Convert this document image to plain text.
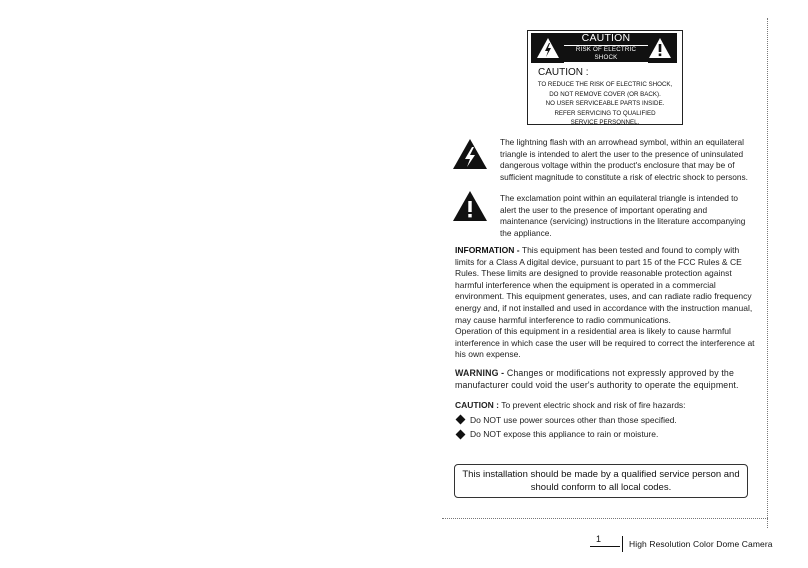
CAUTION
RISK OF ELECTRIC SHOCK
DO NOT OPEN
CAUTION :
TO REDUCE THE RISK OF ELECTRIC SHOCK,
DO NOT REMOVE COVER (OR BACK).
NO USER SERVICEABLE PARTS INSIDE.
REFER SERVICING TO QUALIFIED
SERVICE PERSONNEL.
The lightning flash with an arrowhead symbol, within an equilateral triangle is intended to alert the user to the presence of uninsulated dangerous voltage within the product's enclosure that may be of sufficient magnitude to constitute a risk of electric shock to persons.
The exclamation point within an equilateral triangle is intended to alert the user to the presence of important operating and maintenance (servicing) instructions in the literature accompanying the appliance.
INFORMATION - This equipment has been tested and found to comply with limits for a Class A digital device, pursuant to part 15 of the FCC Rules & CE Rules. These limits are designed to provide reasonable protection against harmful interference when the equipment is operated in a commercial environment. This equipment generates, uses, and can radiate radio frequency energy and, if not installed and used in accordance with the instruction manual, may cause harmful interference to radio communications.
Operation of this equipment in a residential area is likely to cause harmful interference in which case the user will be required to correct the interference at his own expense.
WARNING - Changes or modifications not expressly approved by the manufacturer could void the user's authority to operate the equipment.
CAUTION : To prevent electric shock and risk of fire hazards:
Do NOT use power sources other than those specified.
Do NOT expose this appliance to rain or moisture.
This installation should be made by a qualified service person and
should conform to all local codes.
1	High Resolution Color Dome Camera
